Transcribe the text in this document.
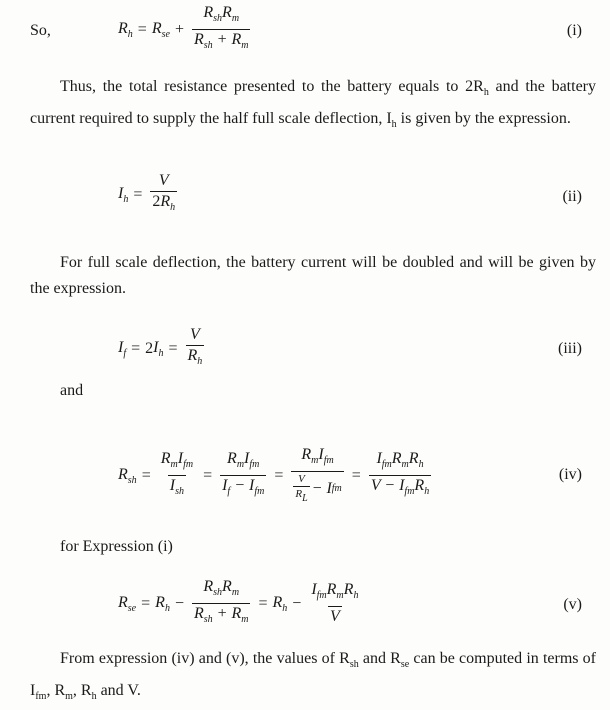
So,	$R_h = R_{se} + \frac{R_{sh}R_m}{R_{sh} + R_m}$	(i)
Thus, the total resistance presented to the battery equals to $2R_h$ and the battery current required to supply the half full scale deflection, $I_h$ is given by the expression.
$I_h = \frac{V}{2R_h}$	(ii)
For full scale deflection, the battery current will be doubled and will be given by the expression.
$I_f = 2$ $I_h = \frac{V}{R_h}$	(iii)
and
$R_{sh} = \frac{R_mI_{fm}}{I_{sh}} = \frac{R_mI_{fm}}{I_f - I_{fm}} = \frac{R_mI_{fm}}{\frac{V}{R_L} - I fm} = \frac{I_{fm}R_mR_h}{V - I_{fm}R_h}$	(iv)
for Expression (i)
$R_{se} = R_h - \frac{R_{sh}R_m}{R_{sh} + R_m} = R_h - \frac{I_{fm}R_mR_h}{V}$	(v)
From expression (iv) and (v), the values of $R_{sh}$ and $R_{se}$ can be computed in terms of $I_{fm}$, $R_m$, $R_h$ and V.
